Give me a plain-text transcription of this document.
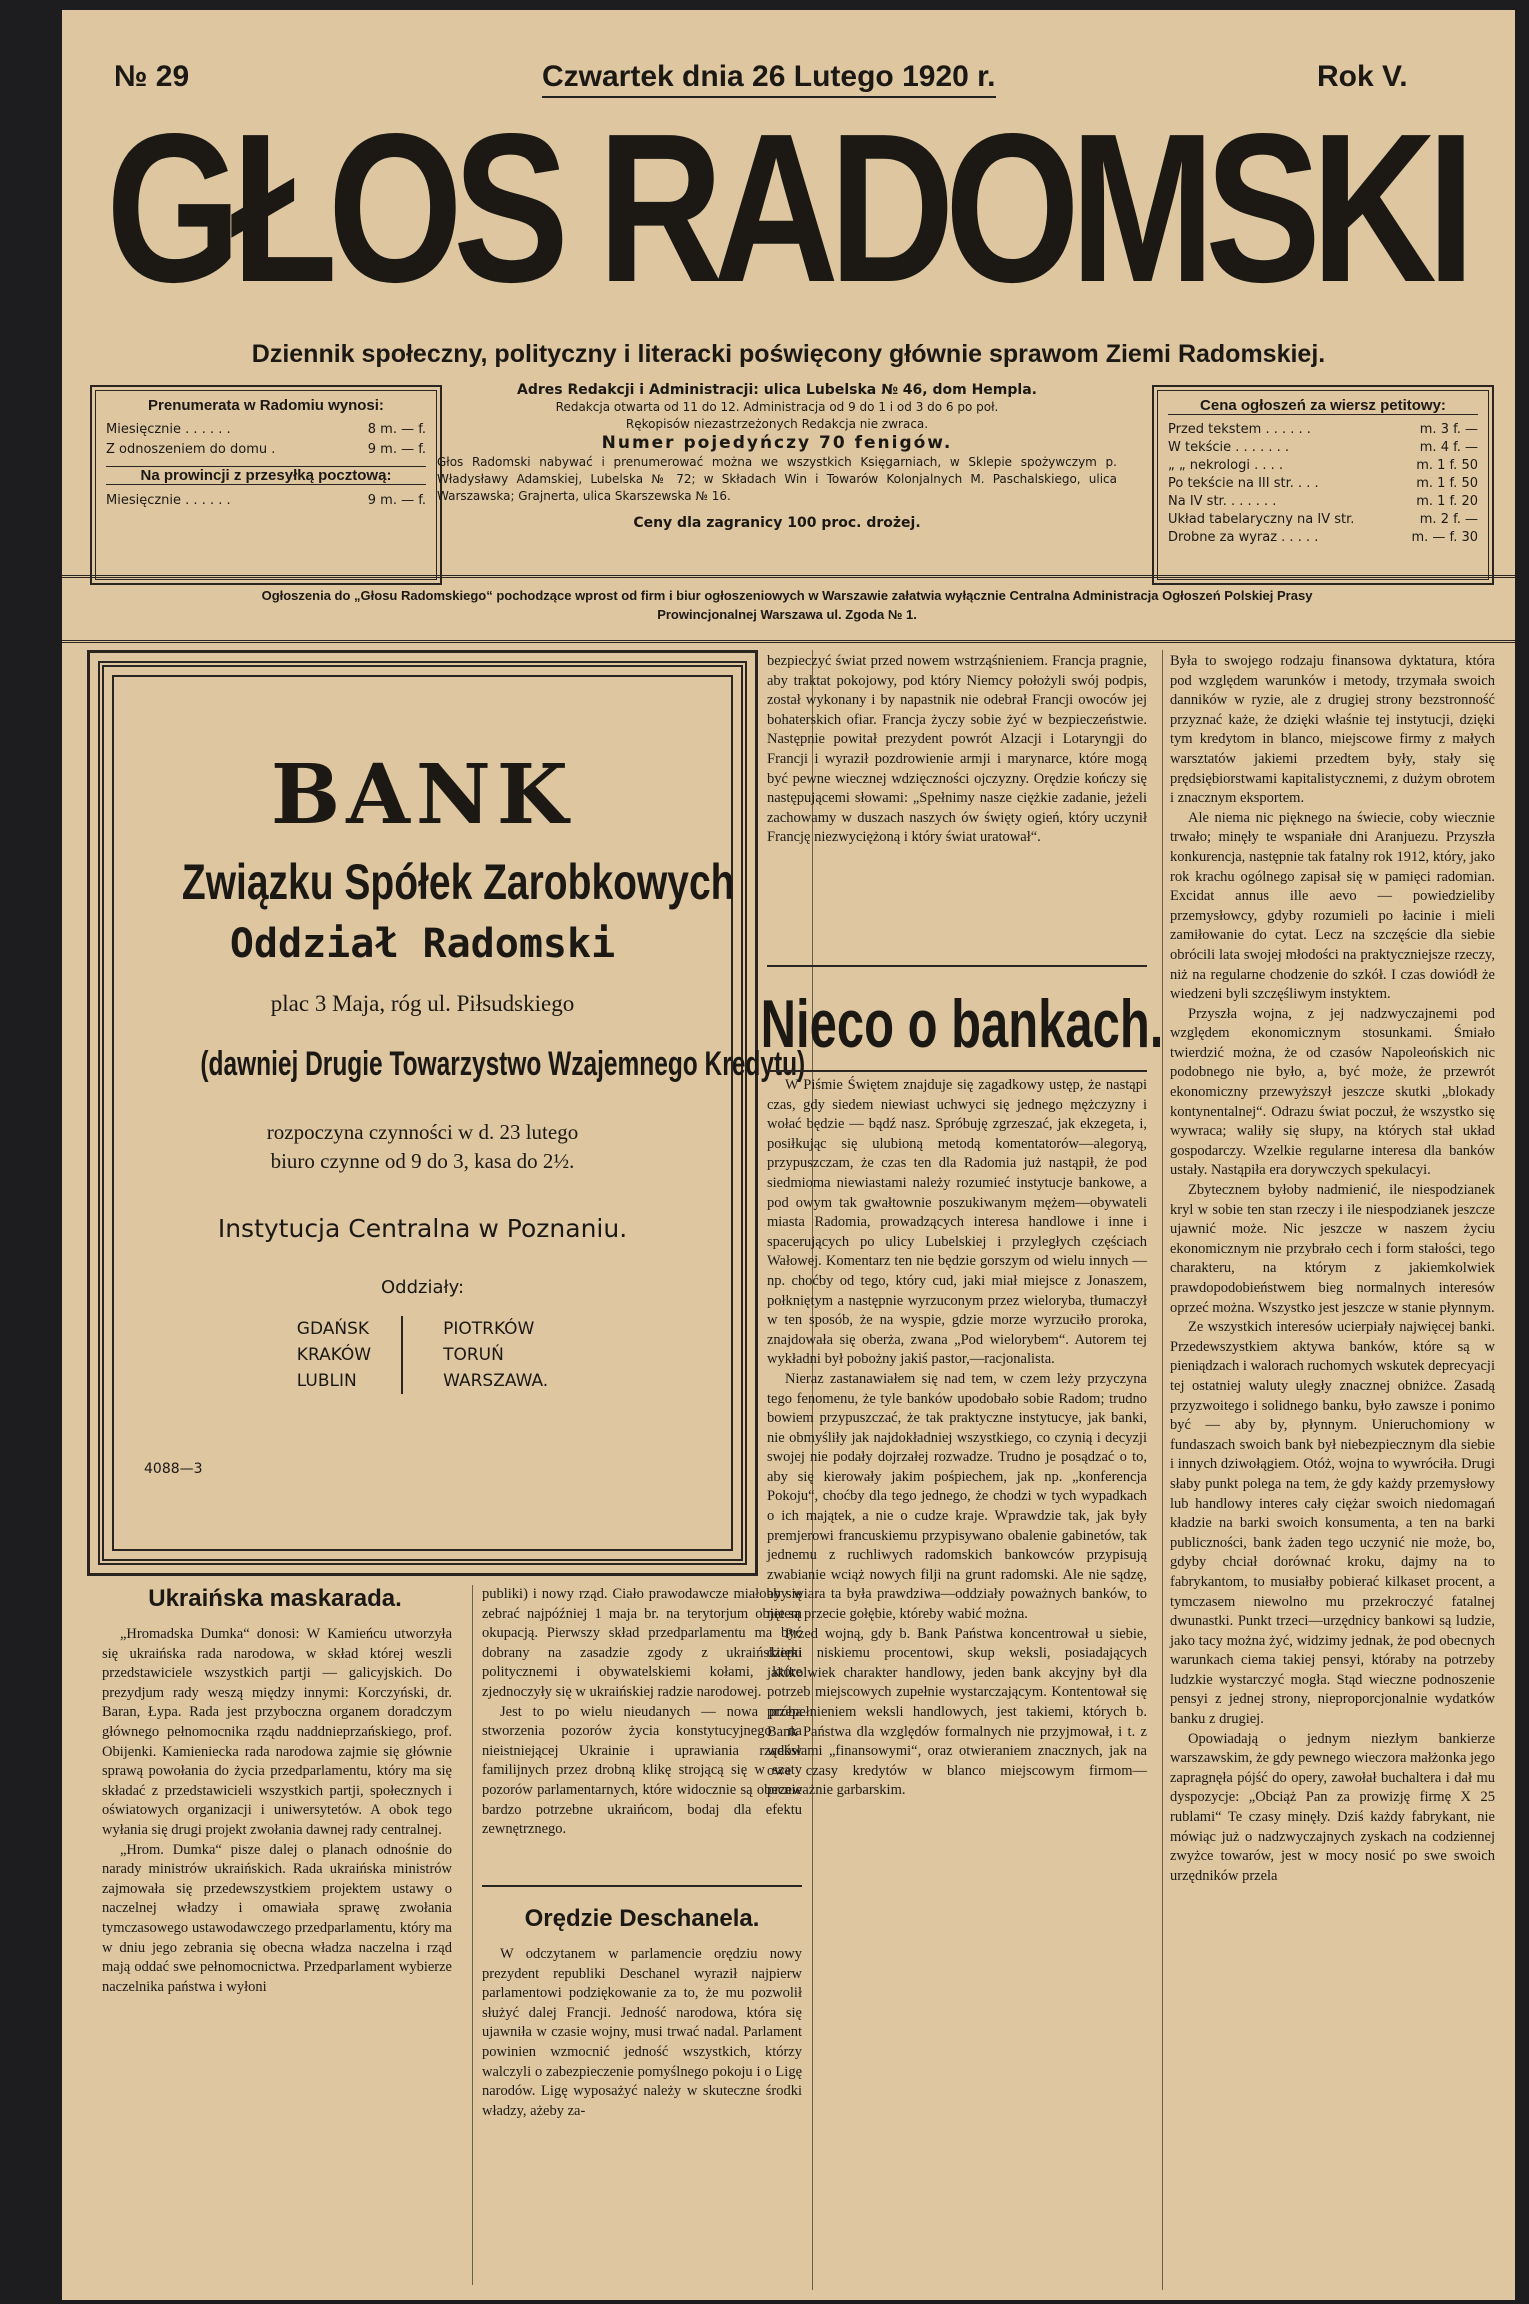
№ 29	Czwartek dnia 26 Lutego 1920 r.	Rok V.
GŁOS RADOMSKI
Dziennik społeczny, polityczny i literacki poświęcony głównie sprawom Ziemi Radomskiej.
Prenumerata w Radomiu wynosi:
Miesięcznie . . . . . .	8 m. — f.
Z odnoszeniem do domu .	9 m. — f.
Na prowincji z przesyłką pocztową:
Miesięcznie . . . . . .	9 m. — f.
Adres Redakcji i Administracji: ulica Lubelska № 46, dom Hempla.
Redakcja otwarta od 11 do 12. Administracja od 9 do 1 i od 3 do 6 po poł.
Rękopisów niezastrzeżonych Redakcja nie zwraca.
Numer pojedyńczy 70 fenigów.
Głos Radomski nabywać i prenumerować można we wszystkich Księgarniach, w Sklepie spożywczym p. Władysławy Adamskiej, Lubelska № 72; w Składach Win i Towarów Kolonjalnych M. Paschalskiego, ulica Warszawska; Grajnerta, ulica Skarszewska № 16.
Ceny dla zagranicy 100 proc. drożej.
Cena ogłoszeń za wiersz petitowy:
Przed tekstem . . . . . .	m. 3 f. —
W tekście . . . . . . .	m. 4 f. —
„ „ nekrologi . . . .	m. 1 f. 50
Po tekście na III str. . . .	m. 1 f. 50
Na IV str. . . . . . .	m. 1 f. 20
Układ tabelaryczny na IV str.	m. 2 f. —
Drobne za wyraz . . . . .	m. — f. 30
Ogłoszenia do „Głosu Radomskiego“ pochodzące wprost od firm i biur ogłoszeniowych w Warszawie załatwia wyłącznie Centralna Administracja Ogłoszeń Polskiej Prasy Prowincjonalnej Warszawa ul. Zgoda № 1.
BANK
Związku Spółek Zarobkowych
Oddział Radomski
plac 3 Maja, róg ul. Piłsudskiego
(dawniej Drugie Towarzystwo Wzajemnego Kredytu)
rozpoczyna czynności w d. 23 lutego
biuro czynne od 9 do 3, kasa do 2½.
Instytucja Centralna w Poznaniu.
Oddziały:
GDAŃSK
KRAKÓW
LUBLIN
PIOTRKÓW
TORUŃ
WARSZAWA.
4088—3

bezpieczyć świat przed nowem wstrząśnieniem. Francja pragnie, aby traktat pokojowy, pod który Niemcy położyli swój podpis, został wykonany i by napastnik nie odebrał Francji owoców jej bohaterskich ofiar. Francja życzy sobie żyć w bezpieczeństwie. Następnie powitał prezydent powrót Alzacji i Lotaryngji do Francji i wyraził pozdrowienie armji i marynarce, które mogą być pewne wiecznej wdzięczności ojczyzny. Orędzie kończy się następującemi słowami: „Spełnimy nasze ciężkie zadanie, jeżeli zachowamy w duszach naszych ów święty ogień, który uczynił Francję niezwyciężoną i który świat uratował“.

Nieco o bankach.

W Piśmie Świętem znajduje się zagadkowy ustęp, że nastąpi czas, gdy siedem niewiast uchwyci się jednego mężczyzny i wołać będzie — bądź nasz. Spróbuję zgrzeszać, jak ekzegeta, i, posiłkując się ulubioną metodą komentatorów—alegoryą, przypuszczam, że czas ten dla Radomia już nastąpił, że pod siedmioma niewiastami należy rozumieć instytucje bankowe, a pod owym tak gwałtownie poszukiwanym mężem—obywateli miasta Radomia, prowadzących interesa handlowe i inne i spacerujących po ulicy Lubelskiej i przyległych częściach Wałowej. Komentarz ten nie będzie gorszym od wielu innych — np. choćby od tego, który cud, jaki miał miejsce z Jonaszem, połkniętym a następnie wyrzuconym przez wieloryba, tłumaczył w ten sposób, że na wyspie, gdzie morze wyrzuciło proroka, znajdowała się oberża, zwana „Pod wielorybem“. Autorem tej wykładni był pobożny jakiś pastor,—racjonalista.

Nieraz zastanawiałem się nad tem, w czem leży przyczyna tego fenomenu, że tyle banków upodobało sobie Radom; trudno bowiem przypuszczać, że tak praktyczne instytucye, jak banki, nie obmyśliły jak najdokładniej wszystkiego, co czynią i decyzji swojej nie podały dojrzałej rozwadze. Trudno je posądzać o to, aby się kierowały jakim pośpiechem, jak np. „konferencja Pokoju“, choćby dla tego jednego, że chodzi w tych wypadkach o ich majątek, a nie o cudze kraje. Wprawdzie tak, jak były premjerowi francuskiemu przypisywano obalenie gabinetów, tak jednemu z ruchliwych radomskich bankowców przypisują zwabianie wciąż nowych filji na grunt radomski. Ale nie sądzę, aby wiara ta była prawdziwa—oddziały poważnych banków, to nie są przecie gołębie, któreby wabić można.

Przed wojną, gdy b. Bank Państwa koncentrował u siebie, dzięki niskiemu procentowi, skup weksli, posiadających jakikolwiek charakter handlowy, jeden bank akcyjny był dla potrzeb miejscowych zupełnie wystarczającym. Kontentował się przepełnieniem weksli handlowych, jest takiemi, których b. Bank Państwa dla względów formalnych nie przyjmował, i t. z wekslami „finansowymi“, oraz otwieraniem znacznych, jak na owe czasy kredytów w blanco miejscowym firmom—przeważnie garbarskim.

Była to swojego rodzaju finansowa dyktatura, która pod względem warunków i metody, trzymała swoich danników w ryzie, ale z drugiej strony bezstronność przyznać każe, że dzięki właśnie tej instytucji, dzięki tym kredytom in blanco, miejscowe firmy z małych warsztatów jakiemi przedtem były, stały się prędsiębiorstwami kapitalistycznemi, z dużym obrotem i znacznym eksportem.

Ale niema nic pięknego na świecie, coby wiecznie trwało; minęły te wspaniałe dni Aranjuezu. Przyszła konkurencja, następnie tak fatalny rok 1912, który, jako rok krachu ogólnego zapisał się w pamięci radomian. Excidat annus ille aevo — powiedzieliby przemysłowcy, gdyby rozumieli po łacinie i mieli zamiłowanie do cytat. Lecz na szczęście dla siebie obrócili lata swojej młodości na praktyczniejsze rzeczy, niż na regularne chodzenie do szkół. I czas dowiódł że wiedzeni byli szczęśliwym instyktem.

Przyszła wojna, z jej nadzwyczajnemi pod względem ekonomicznym stosunkami. Śmiało twierdzić można, że od czasów Napoleońskich nic podobnego nie było, a, być może, że przewrót ekonomiczny przewyższył jeszcze skutki „blokady kontynentalnej“. Odrazu świat poczuł, że wszystko się wywraca; waliły się słupy, na których stał układ gospodarczy. Wzelkie regularne interesa dla banków ustały. Nastąpiła era dorywczych spekulacyi.

Zbytecznem byłoby nadmienić, ile niespodzianek kryl w sobie ten stan rzeczy i ile niespodzianek jeszcze ujawnić może. Nic jeszcze w naszem życiu ekonomicznym nie przybrało cech i form stałości, tego charakteru, na którym z jakiemkolwiek prawdopodobieństwem bieg normalnych interesów oprzeć można. Wszystko jest jeszcze w stanie płynnym.

Ze wszystkich interesów ucierpiały najwięcej banki. Przedewszystkiem aktywa banków, które są w pieniądzach i walorach ruchomych wskutek deprecyacji tej ostatniej waluty uległy znacznej obniżce. Zasadą przyzwoitego i solidnego banku, było zawsze i ponimo być — aby by, płynnym. Unieruchomiony w fundaszach swoich bank był niebezpiecznym dla siebie i innych dziwołągiem. Otóż, wojna to wywróciła. Drugi słaby punkt polega na tem, że gdy każdy przemysłowy lub handlowy interes cały ciężar swoich niedomagań kładzie na barki swoich konsumenta, a ten na barki publiczności, bank żaden tego uczynić nie może, bo, gdyby chciał dorównać kroku, dajmy na to fabrykantom, to musiałby pobierać kilkaset procent, a tymczasem niewolno mu przekroczyć fatalnej dwunastki. Punkt trzeci—urzędnicy bankowi są ludzie, jako tacy można żyć, widzimy jednak, że pod obecnych warunkach ciema takiej pensyi, któraby na potrzeby ludzkie wystarczyć mogła. Stąd wieczne podnoszenie pensyi z jednej strony, nieproporcjonalnie wydatków banku z drugiej.

Opowiadają o jednym niezłym bankierze warszawskim, że gdy pewnego wieczora małżonka jego zapragnęła pójść do opery, zawołał buchaltera i dał mu dyspozycje: „Obciąż Pan za prowizję firmę X 25 rublami“ Te czasy minęły. Dziś każdy fabrykant, nie mówiąc już o nadzwyczajnych zyskach na codziennej zwyżce towarów, jest w mocy nosić po swe swoich urzędników przela

Ukraińska maskarada.

„Hromadska Dumka“ donosi: W Kamieńcu utworzyła się ukraińska rada narodowa, w skład której weszli przedstawiciele wszystkich partji — galicyjskich. Do prezydjum rady weszą między innymi: Korczyński, dr. Baran, Łypa. Rada jest przyboczna organem doradczym głównego pełnomocnika rządu naddnieprzańskiego, prof. Obijenki. Kamieniecka rada narodowa zajmie się głównie sprawą powołania do życia przedparlamentu, który ma się składać z przedstawicieli wszystkich partji, społecznych i oświatowych organizacji i uniwersytetów. A obok tego wyłania się drugi projekt zwołania dawnej rady centralnej.

„Hrom. Dumka“ pisze dalej o planach odnośnie do narady ministrów ukraińskich. Rada ukraińska ministrów zajmowała się przedewszystkiem projektem ustawy o naczelnej władzy i omawiała sprawę zwołania tymczasowego ustawodawczego przedparlamentu, który ma w dniu jego zebrania się obecna władza naczelna i rząd mają oddać swe pełnomocnictwa. Przedparlament wybierze naczelnika państwa i wyłoni

publiki) i nowy rząd. Ciało prawodawcze miałoby się zebrać najpóźniej 1 maja br. na terytorjum objętem okupacją. Pierwszy skład przedparlamentu ma być dobrany na zasadzie zgody z ukraińskiemi politycznemi i obywatelskiemi kołami, które zjednoczyły się w ukraińskiej radzie narodowej.

Jest to po wielu nieudanych — nowa próba stworzenia pozorów życia konstytucyjnego na nieistniejącej Ukrainie i uprawiania rządów familijnych przez drobną klikę strojącą się w szaty pozorów parlamentarnych, które widocznie są obecnie bardzo potrzebne ukraińcom, bodaj dla efektu zewnętrznego.

Orędzie Deschanela.

W odczytanem w parlamencie orędziu nowy prezydent republiki Deschanel wyraził najpierw parlamentowi podziękowanie za to, że mu pozwolił służyć dalej Francji. Jedność narodowa, która się ujawniła w czasie wojny, musi trwać nadal. Parlament powinien wzmocnić jedność wszystkich, którzy walczyli o zabezpieczenie pomyślnego pokoju i o Ligę narodów. Ligę wyposażyć należy w skuteczne środki władzy, ażeby za-
